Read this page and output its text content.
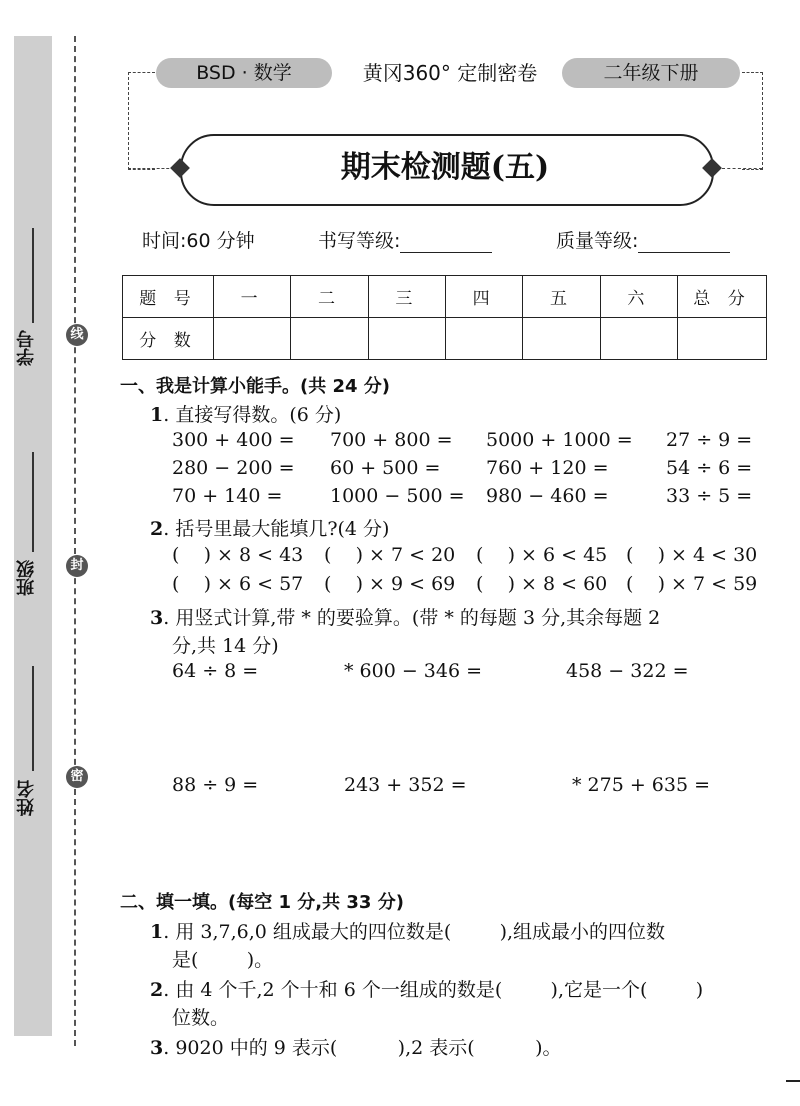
学号
班级
姓名
线
封
密
BSD · 数学	黄冈360° 定制密卷	二年级下册
期末检测题(五)
时间:60 分钟	书写等级:	质量等级:
题 号	一	二	三	四	五	六	总 分
分 数							
一、我是计算小能手。(共 24 分)
1. 直接写得数。(6 分)
300 + 400 = 700 + 800 = 5000 + 1000 = 27 ÷ 9 =
280 − 200 = 60 + 500 = 760 + 120 =	54 ÷ 6 =
70 + 140 =	1000 − 500 = 980 − 460 =	33 ÷ 5 =
2. 括号里最大能填几?(4 分)
(    ) × 8 < 43 (    ) × 7 < 20 (    ) × 6 < 45 (    ) × 4 < 30
(    ) × 6 < 57 (    ) × 9 < 69 (    ) × 8 < 60 (    ) × 7 < 59
3. 用竖式计算,带 * 的要验算。(带 * 的每题 3 分,其余每题 2
分,共 14 分)
64 ÷ 8 =	* 600 − 346 =	458 − 322 =
88 ÷ 9 =	243 + 352 =	* 275 + 635 =
二、填一填。(每空 1 分,共 33 分)
1. 用 3,7,6,0 组成最大的四位数是(        ),组成最小的四位数
是(        )。
2. 由 4 个千,2 个十和 6 个一组成的数是(        ),它是一个(        )
位数。
3. 9020 中的 9 表示(          ),2 表示(          )。
